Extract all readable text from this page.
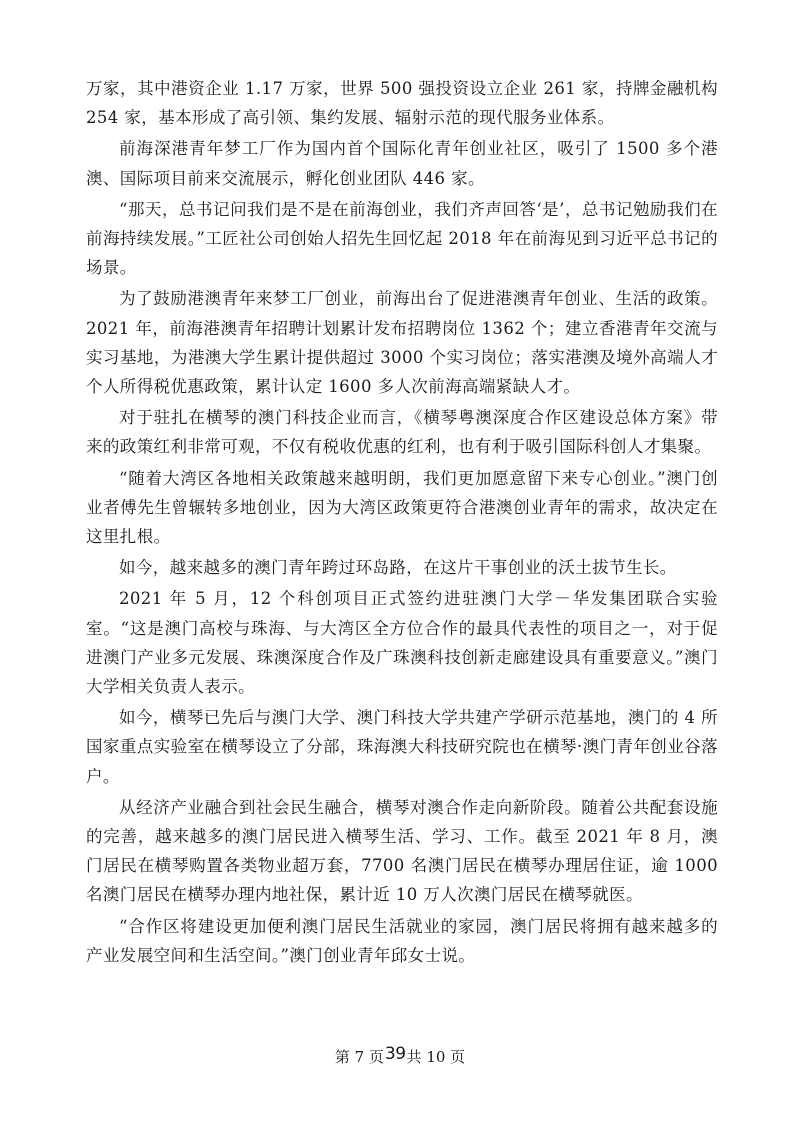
万家，其中港资企业 1.17 万家，世界 500 强投资设立企业 261 家，持牌金融机构 254 家，基本形成了高引领、集约发展、辐射示范的现代服务业体系。

前海深港青年梦工厂作为国内首个国际化青年创业社区，吸引了 1500 多个港澳、国际项目前来交流展示，孵化创业团队 446 家。

“那天，总书记问我们是不是在前海创业，我们齐声回答‘是’，总书记勉励我们在前海持续发展。”工匠社公司创始人招先生回忆起 2018 年在前海见到习近平总书记的场景。

为了鼓励港澳青年来梦工厂创业，前海出台了促进港澳青年创业、生活的政策。2021 年，前海港澳青年招聘计划累计发布招聘岗位 1362 个；建立香港青年交流与实习基地，为港澳大学生累计提供超过 3000 个实习岗位；落实港澳及境外高端人才个人所得税优惠政策，累计认定 1600 多人次前海高端紧缺人才。

对于驻扎在横琴的澳门科技企业而言，《横琴粤澳深度合作区建设总体方案》带来的政策红利非常可观，不仅有税收优惠的红利，也有利于吸引国际科创人才集聚。

“随着大湾区各地相关政策越来越明朗，我们更加愿意留下来专心创业。”澳门创业者傅先生曾辗转多地创业，因为大湾区政策更符合港澳创业青年的需求，故决定在这里扎根。

如今，越来越多的澳门青年跨过环岛路，在这片干事创业的沃土拔节生长。

2021 年 5 月，12 个科创项目正式签约进驻澳门大学－华发集团联合实验室。“这是澳门高校与珠海、与大湾区全方位合作的最具代表性的项目之一，对于促进澳门产业多元发展、珠澳深度合作及广珠澳科技创新走廊建设具有重要意义。”澳门大学相关负责人表示。

如今，横琴已先后与澳门大学、澳门科技大学共建产学研示范基地，澳门的 4 所国家重点实验室在横琴设立了分部，珠海澳大科技研究院也在横琴·澳门青年创业谷落户。

从经济产业融合到社会民生融合，横琴对澳合作走向新阶段。随着公共配套设施的完善，越来越多的澳门居民进入横琴生活、学习、工作。截至 2021 年 8 月，澳门居民在横琴购置各类物业超万套，7700 名澳门居民在横琴办理居住证，逾 1000 名澳门居民在横琴办理内地社保，累计近 10 万人次澳门居民在横琴就医。

“合作区将建设更加便利澳门居民生活就业的家园，澳门居民将拥有越来越多的产业发展空间和生活空间。”澳门创业青年邱女士说。

第 7 页39共 10 页
